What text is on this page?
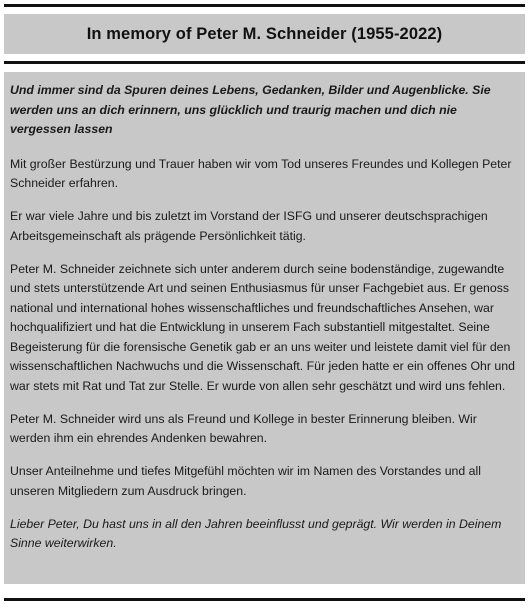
In memory of Peter M. Schneider (1955-2022)

Und immer sind da Spuren deines Lebens, Gedanken, Bilder und Augenblicke. Sie werden uns an dich erinnern, uns glücklich und traurig machen und dich nie vergessen lassen

Mit großer Bestürzung und Trauer haben wir vom Tod unseres Freundes und Kollegen Peter Schneider erfahren.

Er war viele Jahre und bis zuletzt im Vorstand der ISFG und unserer deutschsprachigen Arbeitsgemeinschaft als prägende Persönlichkeit tätig.

Peter M. Schneider zeichnete sich unter anderem durch seine bodenständige, zugewandte und stets unterstützende Art und seinen Enthusiasmus für unser Fachgebiet aus. Er genoss national und international hohes wissenschaftliches und freundschaftliches Ansehen, war hochqualifiziert und hat die Entwicklung in unserem Fach substantiell mitgestaltet. Seine Begeisterung für die forensische Genetik gab er an uns weiter und leistete damit viel für den wissenschaftlichen Nachwuchs und die Wissenschaft. Für jeden hatte er ein offenes Ohr und war stets mit Rat und Tat zur Stelle. Er wurde von allen sehr geschätzt und wird uns fehlen.

Peter M. Schneider wird uns als Freund und Kollege in bester Erinnerung bleiben. Wir werden ihm ein ehrendes Andenken bewahren.

Unser Anteilnehme und tiefes Mitgefühl möchten wir im Namen des Vorstandes und all unseren Mitgliedern zum Ausdruck bringen.

Lieber Peter, Du hast uns in all den Jahren beeinflusst und geprägt. Wir werden in Deinem Sinne weiterwirken.
